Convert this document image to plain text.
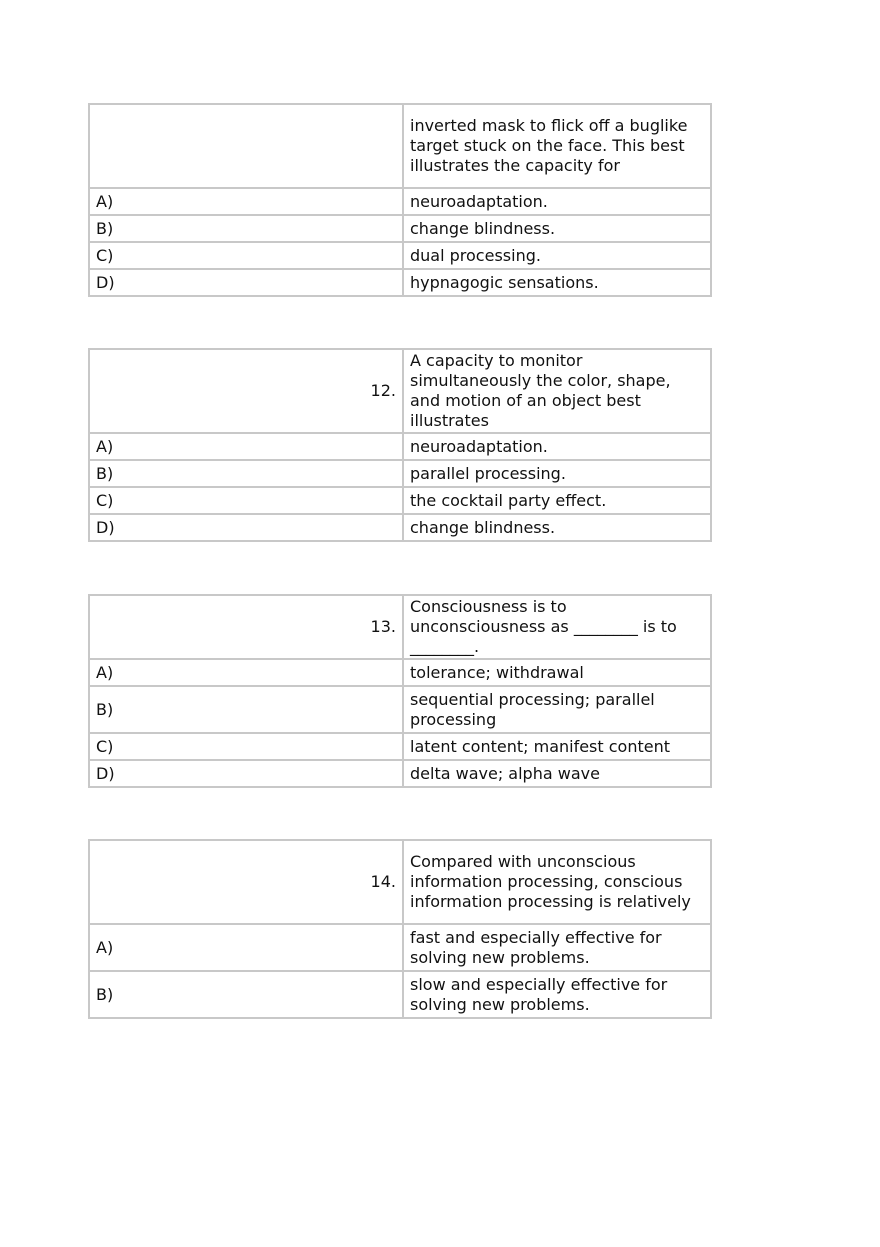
	inverted mask to flick off a buglike target stuck on the face. This best illustrates the capacity for
A)	neuroadaptation.
B)	change blindness.
C)	dual processing.
D)	hypnagogic sensations.
12.	A capacity to monitor simultaneously the color, shape, and motion of an object best illustrates
A)	neuroadaptation.
B)	parallel processing.
C)	the cocktail party effect.
D)	change blindness.
13.	Consciousness is to unconsciousness as ________ is to ________.
A)	tolerance; withdrawal
B)	sequential processing; parallel processing
C)	latent content; manifest content
D)	delta wave; alpha wave
14.	Compared with unconscious information processing, conscious information processing is relatively
A)	fast and especially effective for solving new problems.
B)	slow and especially effective for solving new problems.
